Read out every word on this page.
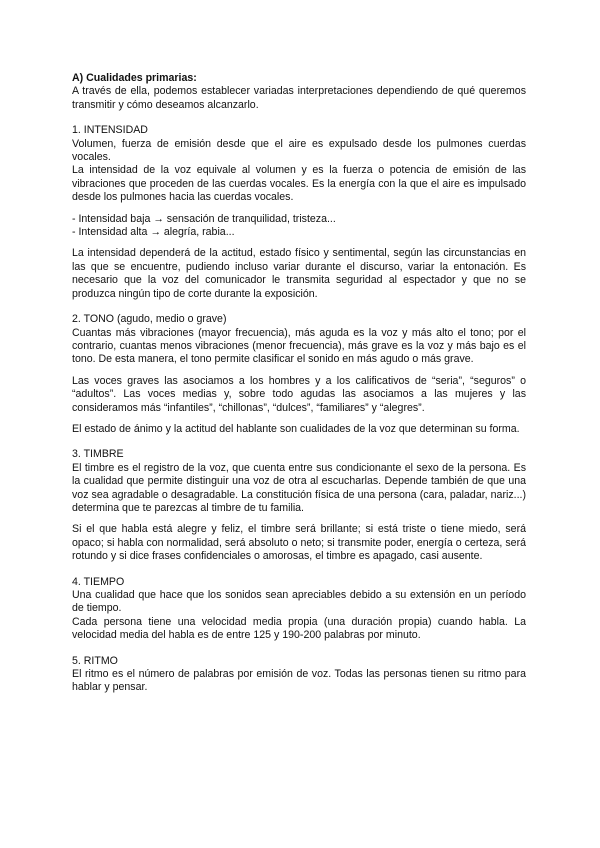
A) Cualidades primarias:

A través de ella, podemos establecer variadas interpretaciones dependiendo de qué queremos transmitir y cómo deseamos alcanzarlo.

1. INTENSIDAD

Volumen, fuerza de emisión desde que el aire es expulsado desde los pulmones cuerdas vocales.

La intensidad de la voz equivale al volumen y es la fuerza o potencia de emisión de las vibraciones que proceden de las cuerdas vocales. Es la energía con la que el aire es impulsado desde los pulmones hacia las cuerdas vocales.

- Intensidad baja → sensación de tranquilidad, tristeza...

- Intensidad alta → alegría, rabia...

La intensidad dependerá de la actitud, estado físico y sentimental, según las circunstancias en las que se encuentre, pudiendo incluso variar durante el discurso, variar la entonación. Es necesario que la voz del comunicador le transmita seguridad al espectador y que no se produzca ningún tipo de corte durante la exposición.

2. TONO (agudo, medio o grave)

Cuantas más vibraciones (mayor frecuencia), más aguda es la voz y más alto el tono; por el contrario, cuantas menos vibraciones (menor frecuencia), más grave es la voz y más bajo es el tono. De esta manera, el tono permite clasificar el sonido en más agudo o más grave.

Las voces graves las asociamos a los hombres y a los calificativos de “seria”, “seguros” o “adultos”. Las voces medias y, sobre todo agudas las asociamos a las mujeres y las consideramos más “infantiles”, “chillonas”, “dulces”, “familiares” y “alegres”.

El estado de ánimo y la actitud del hablante son cualidades de la voz que determinan su forma.

3. TIMBRE

El timbre es el registro de la voz, que cuenta entre sus condicionante el sexo de la persona. Es la cualidad que permite distinguir una voz de otra al escucharlas. Depende también de que una voz sea agradable o desagradable. La constitución física de una persona (cara, paladar, nariz...) determina que te parezcas al timbre de tu familia.

Si el que habla está alegre y feliz, el timbre será brillante; si está triste o tiene miedo, será opaco; si habla con normalidad, será absoluto o neto; si transmite poder, energía o certeza, será rotundo y si dice frases confidenciales o amorosas, el timbre es apagado, casi ausente.

4. TIEMPO

Una cualidad que hace que los sonidos sean apreciables debido a su extensión en un período de tiempo.

Cada persona tiene una velocidad media propia (una duración propia) cuando habla. La velocidad media del habla es de entre 125 y 190-200 palabras por minuto.

5. RITMO

El ritmo es el número de palabras por emisión de voz. Todas las personas tienen su ritmo para hablar y pensar.
